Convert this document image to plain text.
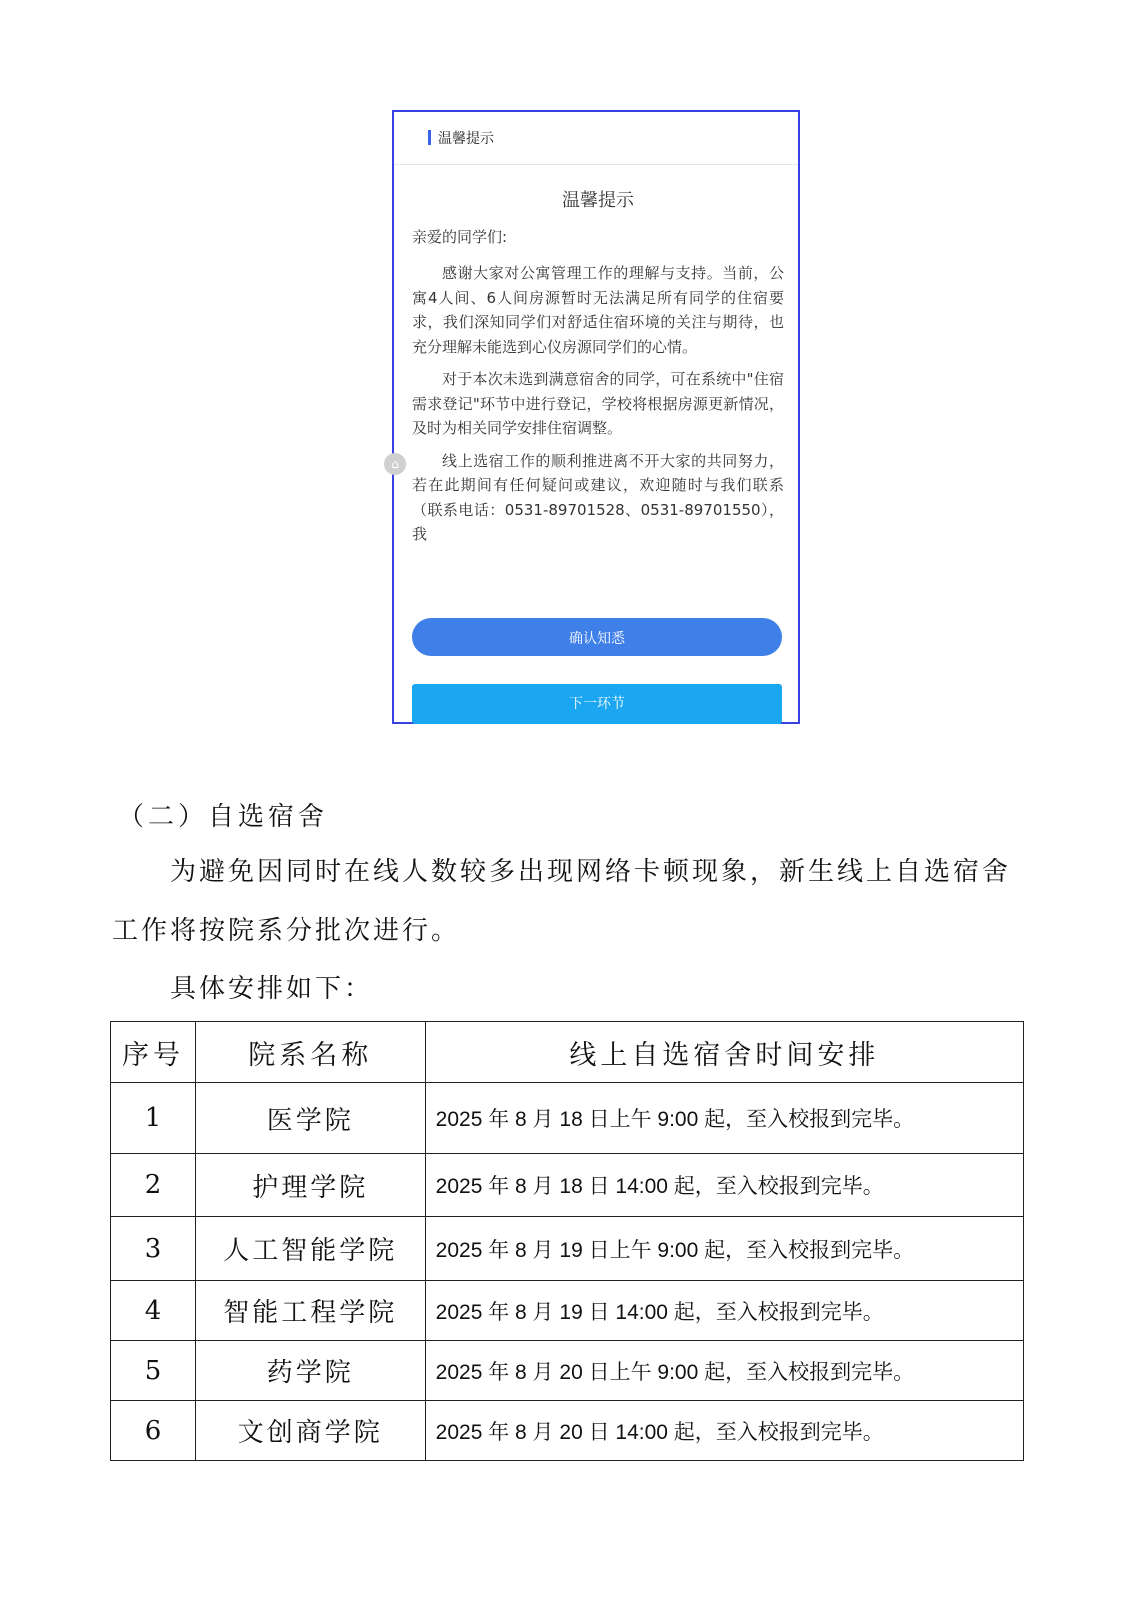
温馨提示
温馨提示
亲爱的同学们:

感谢大家对公寓管理工作的理解与支持。当前，公寓4人间、6人间房源暂时无法满足所有同学的住宿要求，我们深知同学们对舒适住宿环境的关注与期待，也充分理解未能选到心仪房源同学们的心情。

对于本次未选到满意宿舍的同学，可在系统中"住宿需求登记"环节中进行登记，学校将根据房源更新情况，及时为相关同学安排住宿调整。

线上选宿工作的顺利推进离不开大家的共同努力，若在此期间有任何疑问或建议，欢迎随时与我们联系（联系电话：0531-89701528、0531-89701550），我

⌂
确认知悉
下一环节
（二）自选宿舍
为避免因同时在线人数较多出现网络卡顿现象，新生线上自选宿舍工作将按院系分批次进行。
具体安排如下：
序号	院系名称	线上自选宿舍时间安排
1	医学院	2025 年 8 月 18 日上午 9:00 起，至入校报到完毕。
2	护理学院	2025 年 8 月 18 日 14:00 起，至入校报到完毕。
3	人工智能学院	2025 年 8 月 19 日上午 9:00 起，至入校报到完毕。
4	智能工程学院	2025 年 8 月 19 日 14:00 起，至入校报到完毕。
5	药学院	2025 年 8 月 20 日上午 9:00 起，至入校报到完毕。
6	文创商学院	2025 年 8 月 20 日 14:00 起，至入校报到完毕。
